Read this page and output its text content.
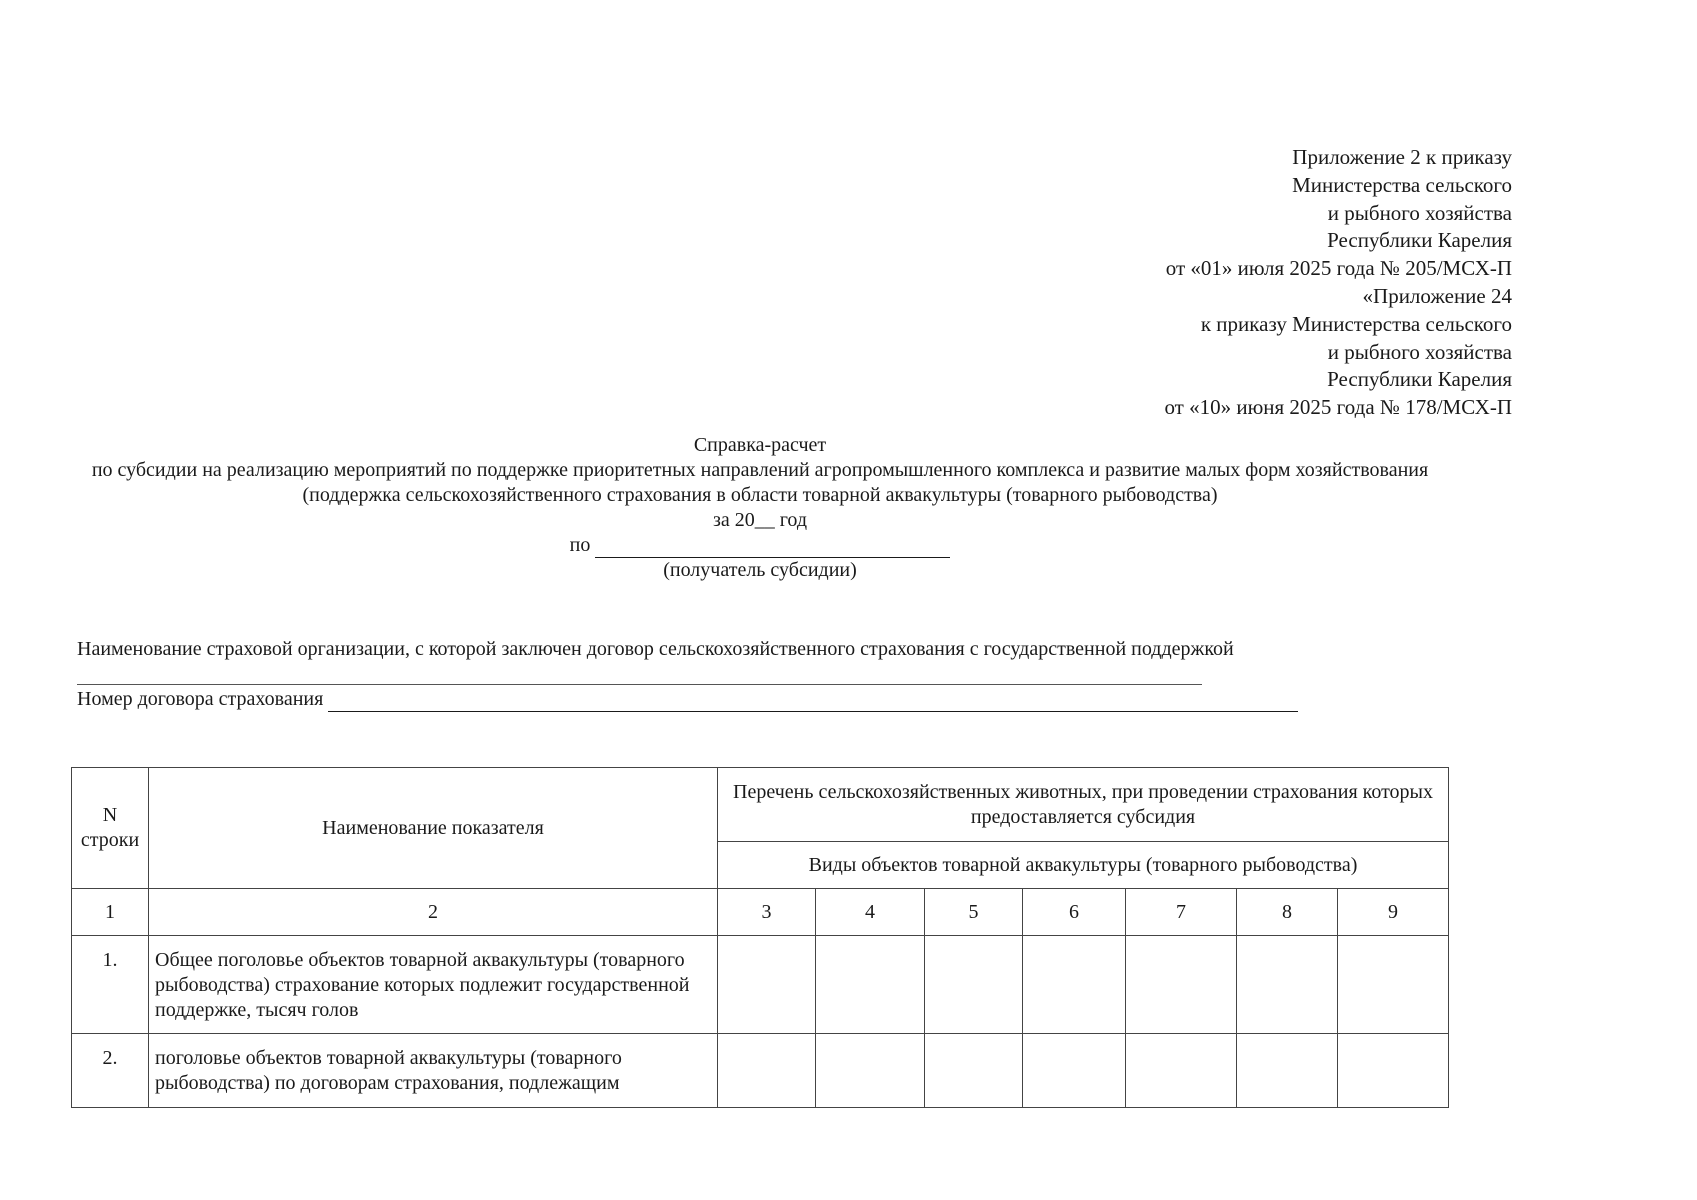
Приложение 2 к приказу
Министерства сельского
и рыбного хозяйства
Республики Карелия
от «01» июля 2025 года № 205/МСХ-П
«Приложение 24
к приказу Министерства сельского
и рыбного хозяйства
Республики Карелия
от «10» июня 2025 года № 178/МСХ-П
Справка-расчет
по субсидии на реализацию мероприятий по поддержке приоритетных направлений агропромышленного комплекса и развитие малых форм хозяйствования
(поддержка сельскохозяйственного страхования в области товарной аквакультуры (товарного рыбоводства)
за 20__ год
по
(получатель субсидии)
Наименование страховой организации, с которой заключен договор сельскохозяйственного страхования с государственной поддержкой
Номер договора страхования
N строки	Наименование показателя	Перечень сельскохозяйственных животных, при проведении страхования которых предоставляется субсидия						
		Виды объектов товарной аквакультуры (товарного рыбоводства)						
1	2	3	4	5	6	7	8	9
1.	Общее поголовье объектов товарной аквакультуры (товарного рыбоводства) страхование которых подлежит государственной поддержке, тысяч голов							
2.	поголовье объектов товарной аквакультуры (товарного рыбоводства) по договорам страхования, подлежащим							
